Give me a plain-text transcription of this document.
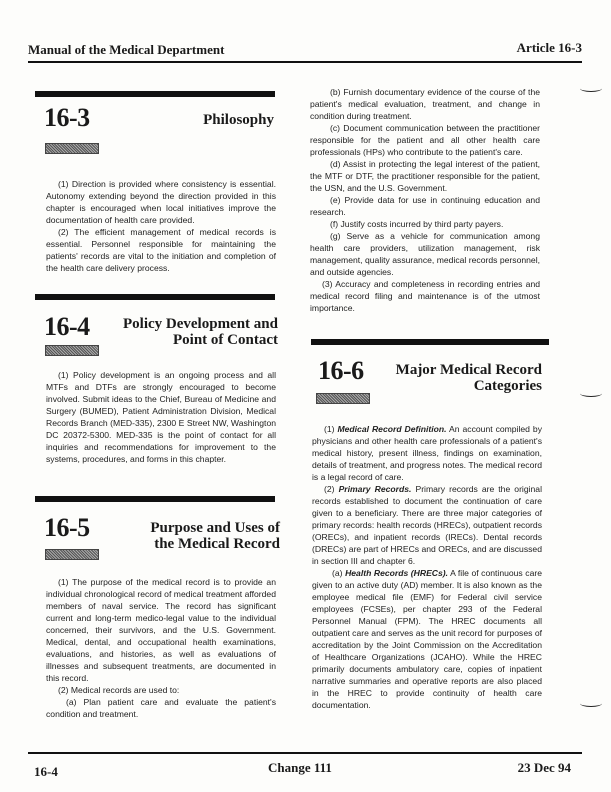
Manual of the Medical Department	Article 16-3
16-3	Philosophy

(1) Direction is provided where consistency is essential. Autonomy extending beyond the direction provided in this chapter is encouraged when local initiatives improve the documentation of health care provided.

(2) The efficient management of medical records is essential. Personnel responsible for maintaining the patients' records are vital to the initiation and completion of the health care delivery process.

16-4	Policy Development and Point of Contact

(1) Policy development is an ongoing process and all MTFs and DTFs are strongly encouraged to become involved. Submit ideas to the Chief, Bureau of Medicine and Surgery (BUMED), Patient Administration Division, Medical Records Branch (MED-335), 2300 E Street NW, Washington DC 20372-5300. MED-335 is the point of contact for all inquiries and recommendations for improvement to the systems, procedures, and forms in this chapter.

16-5	Purpose and Uses of the Medical Record

(1) The purpose of the medical record is to provide an individual chronological record of medical treatment afforded members of naval service. The record has significant current and long-term medico-legal value to the individual concerned, their survivors, and the U.S. Government. Medical, dental, and occupational health examinations, evaluations, and histories, as well as evaluations of illnesses and subsequent treatments, are documented in this record.

(2) Medical records are used to:

(a) Plan patient care and evaluate the patient's condition and treatment.

(b) Furnish documentary evidence of the course of the patient's medical evaluation, treatment, and change in condition during treatment.

(c) Document communication between the practitioner responsible for the patient and all other health care professionals (HPs) who contribute to the patient's care.

(d) Assist in protecting the legal interest of the patient, the MTF or DTF, the practitioner responsible for the patient, the USN, and the U.S. Government.

(e) Provide data for use in continuing education and research.

(f) Justify costs incurred by third party payers.

(g) Serve as a vehicle for communication among health care providers, utilization management, risk management, quality assurance, medical records personnel, and outside agencies.

(3) Accuracy and completeness in recording entries and medical record filing and maintenance is of the utmost importance.

16-6 Major Medical Record Categories

(1) Medical Record Definition. An account compiled by physicians and other health care professionals of a patient's medical history, present illness, findings on examination, details of treatment, and progress notes. The medical record is a legal record of care.

(2) Primary Records. Primary records are the original records established to document the continuation of care given to a beneficiary. There are three major categories of primary records: health records (HRECs), outpatient records (ORECs), and inpatient records (IRECs). Dental records (DRECs) are part of HRECs and ORECs, and are discussed in section III and chapter 6.

(a) Health Records (HRECs). A file of continuous care given to an active duty (AD) member. It is also known as the employee medical file (EMF) for Federal civil service employees (FCSEs), per chapter 293 of the Federal Personnel Manual (FPM). The HREC documents all outpatient care and serves as the unit record for purposes of accreditation by the Joint Commission on the Accreditation of Healthcare Organizations (JCAHO). While the HREC primarily documents ambulatory care, copies of inpatient narrative summaries and operative reports are also placed in the HREC to provide continuity of health care documentation.

16-4	Change 111	23 Dec 94
